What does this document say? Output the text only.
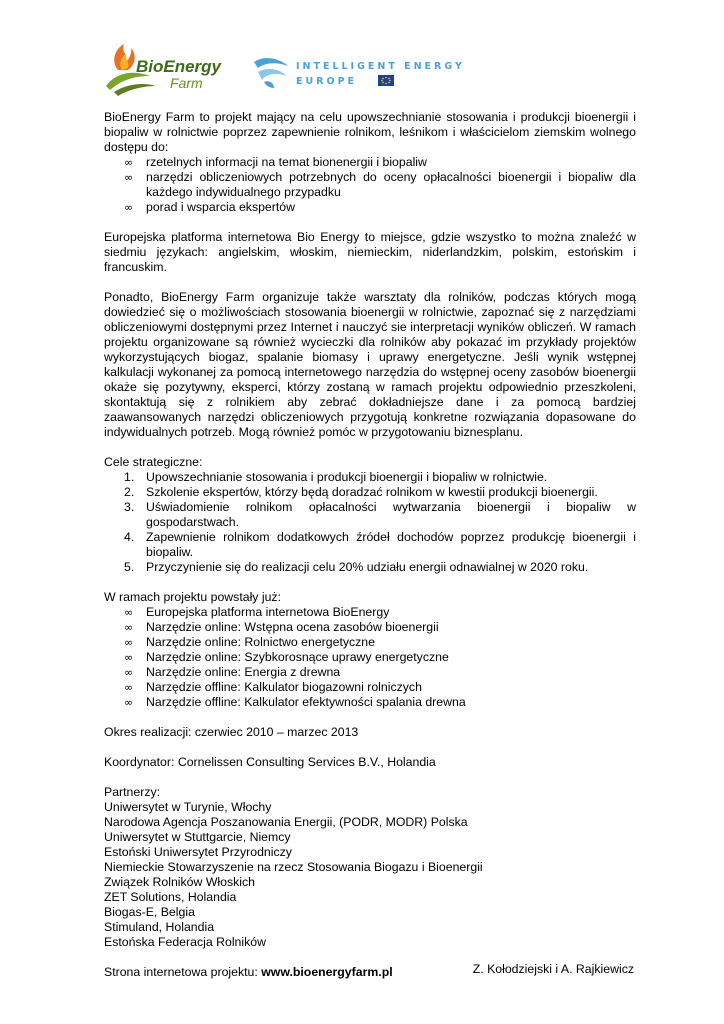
BioEnergy
Farm
INTELLIGENT ENERGY
EUROPE

BioEnergy Farm to projekt mający na celu upowszechnianie stosowania i produkcji bioenergii i biopaliw w rolnictwie poprzez zapewnienie rolnikom, leśnikom i właścicielom ziemskim wolnego dostępu do:

∞	rzetelnych informacji na temat bionenergii i biopaliw
∞	narzędzi obliczeniowych potrzebnych do oceny opłacalności bioenergii i biopaliw dla każdego indywidualnego przypadku
∞	porad i wsparcia ekspertów

Europejska platforma internetowa Bio Energy to miejsce, gdzie wszystko to można znaleźć w siedmiu językach: angielskim, włoskim, niemieckim, niderlandzkim, polskim, estońskim i francuskim.

Ponadto, BioEnergy Farm organizuje także warsztaty dla rolników, podczas których mogą dowiedzieć się o możliwościach stosowania bioenergii w rolnictwie, zapoznać się z narzędziami obliczeniowymi dostępnymi przez Internet i nauczyć sie interpretacji wyników obliczeń. W ramach projektu organizowane są również wycieczki dla rolników aby pokazać im przykłady projektów wykorzystujących biogaz, spalanie biomasy i uprawy energetyczne. Jeśli wynik wstępnej kalkulacji wykonanej za pomocą internetowego narzędzia do wstępnej oceny zasobów bioenergii okaże się pozytywny, eksperci, którzy zostaną w ramach projektu odpowiednio przeszkoleni, skontaktują się z rolnikiem aby zebrać dokładniejsze dane i za pomocą bardziej zaawansowanych narzędzi obliczeniowych przygotują konkretne rozwiązania dopasowane do indywidualnych potrzeb. Mogą również pomóc w przygotowaniu biznesplanu.

Cele strategiczne:

1. Upowszechnianie stosowania i produkcji bioenergii i biopaliw w rolnictwie.
2. Szkolenie ekspertów, którzy będą doradzać rolnikom w kwestii produkcji bioenergii.
3. Uświadomienie rolnikom opłacalności wytwarzania bioenergii i biopaliw w gospodarstwach.
4. Zapewnienie rolnikom dodatkowych źródeł dochodów poprzez produkcję bioenergii i biopaliw.
5. Przyczynienie się do realizacji celu 20% udziału energii odnawialnej w 2020 roku.

W ramach projektu powstały już:

∞	Europejska platforma internetowa BioEnergy
∞	Narzędzie online: Wstępna ocena zasobów bioenergii
∞	Narzędzie online: Rolnictwo energetyczne
∞	Narzędzie online: Szybkorosnące uprawy energetyczne
∞	Narzędzie online: Energia z drewna
∞	Narzędzie offline: Kalkulator biogazowni rolniczych
∞	Narzędzie offline: Kalkulator efektywności spalania drewna

Okres realizacji: czerwiec 2010 – marzec 2013

Koordynator: Cornelissen Consulting Services B.V., Holandia

Partnerzy:

Uniwersytet w Turynie, Włochy
Narodowa Agencja Poszanowania Energii, (PODR, MODR) Polska
Uniwersytet w Stuttgarcie, Niemcy
Estoński Uniwersytet Przyrodniczy
Niemieckie Stowarzyszenie na rzecz Stosowania Biogazu i Bioenergii
Związek Rolników Włoskich
ZET Solutions, Holandia
Biogas-E, Belgia
Stimuland, Holandia
Estońska Federacja Rolników

Strona internetowa projektu: www.bioenergyfarm.pl	Z. Kołodziejski i A. Rajkiewicz
